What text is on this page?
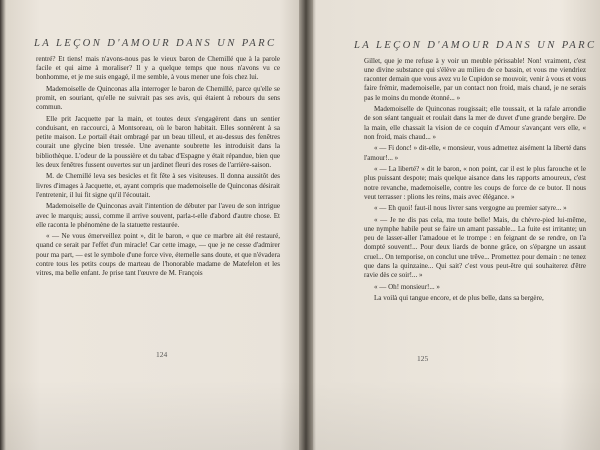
LA LEÇON D'AMOUR DANS UN PARC

rentré? Et tiens! mais n'avons-nous pas le vieux baron de Chemillé que à la parole facile et qui aime à moraliser? Il y a quelque temps que nous n'avons vu ce bonhomme, et je me suis engagé, il me semble, à vous mener une fois chez lui.

Mademoiselle de Quinconas alla interroger le baron de Chemillé, parce qu'elle se promit, en souriant, qu'elle ne suivrait pas ses avis, qui étaient à rebours du sens commun.

Elle prit Jacquette par la main, et toutes deux s'engagèrent dans un sentier conduisant, en raccourci, à Montsoreau, où le baron habitait. Elles sonnèrent à sa petite maison. Le portail était ombragé par un beau tilleul, et au-dessus des fenêtres courait une glycine bien tressée. Une avenante soubrette les introduisit dans la bibliothèque. L'odeur de la poussière et du tabac d'Espagne y était répandue, bien que les deux fenêtres fussent ouvertes sur un jardinet fleuri des roses de l'arrière-saison.

M. de Chemillé leva ses besicles et fit fête à ses visiteuses. Il donna aussitôt des livres d'images à Jacquette, et, ayant compris que mademoiselle de Quinconas désirait l'entretenir, il lui fit signe qu'il l'écoutait.

Mademoiselle de Quinconas avait l'intention de débuter par l'aveu de son intrigue avec le marquis; aussi, comme il arrive souvent, parla-t-elle d'abord d'autre chose. Et elle raconta le phénomène de la statuette restaurée.

« — Ne vous émerveillez point », dit le baron, « que ce marbre ait été restauré, quand ce serait par l'effet d'un miracle! Car cette image, — que je ne cesse d'admirer pour ma part, — est le symbole d'une force vive, éternelle sans doute, et que n'évadera contre tous les petits coups de marteau de l'honorable madame de Matefelon et les vitres, ma belle enfant. Je prise tant l'œuvre de M. François

124
LA LEÇON D'AMOUR DANS UN PARC

Gillet, que je me refuse à y voir un meuble périssable! Non! vraiment, c'est une divine substance qui s'élève au milieu de ce bassin, et vous me viendriez raconter demain que vous avez vu le Cupidon se mouvoir, venir à vous et vous faire frémir, mademoiselle, par un contact non froid, mais chaud, je ne serais pas le moins du monde étonné... »

Mademoiselle de Quinconas rougissait; elle toussait, et la rafale arrondie de son séant tanguait et roulait dans la mer de duvet d'une grande bergère. De la main, elle chassait la vision de ce coquin d'Amour s'avançant vers elle, « non froid, mais chaud... »

« — Fi donc! » dit-elle, « monsieur, vous admettez aisément la liberté dans l'amour!... »

« — La liberté? » dit le baron, « non point, car il est le plus farouche et le plus puissant despote; mais quelque aisance dans les rapports amoureux, c'est notre revanche, mademoiselle, contre les coups de force de ce butor. Il nous veut terrasser : plions les reins, mais avec élégance. »

« — Eh quoi! faut-il nous livrer sans vergogne au premier satyre... »

« — Je ne dis pas cela, ma toute belle! Mais, du chèvre-pied lui-même, une nymphe habile peut se faire un amant passable... La fuite est irritante; un peu de lasser-aller l'amadoue et le trompe : en feignant de se rendre, on l'a dompté souvent!... Pour deux liards de bonne grâce, on s'épargne un assaut cruel... On temporise, on conclut une trêve... Promettez pour demain : ne tenez que dans la quinzaine... Qui sait? c'est vous peut-être qui souhaiterez d'être ravie dès ce soir!... »

« — Oh! monsieur!... »

La voilà qui tangue encore, et de plus belle, dans sa bergère,

125
